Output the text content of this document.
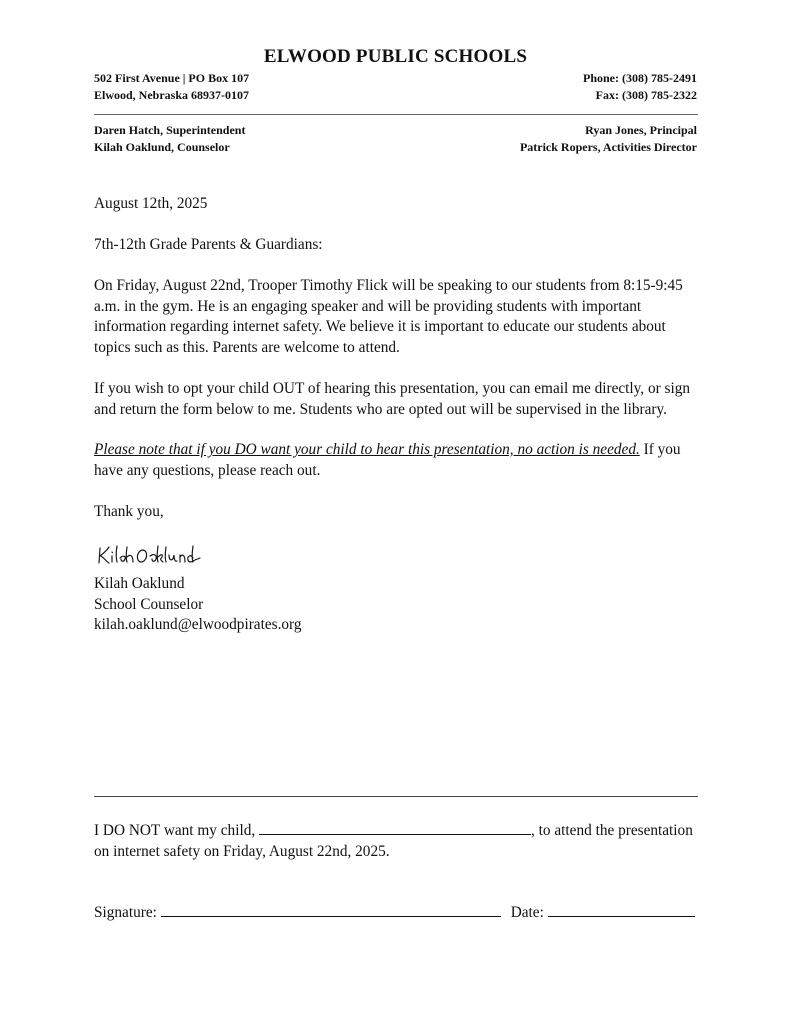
ELWOOD PUBLIC SCHOOLS
502 First Avenue | PO Box 107
Elwood, Nebraska 68937-0107
Phone: (308) 785-2491
Fax: (308) 785-2322
Daren Hatch, Superintendent
Kilah Oaklund, Counselor
Ryan Jones, Principal
Patrick Ropers, Activities Director
August 12th, 2025
7th-12th Grade Parents & Guardians:
On Friday, August 22nd, Trooper Timothy Flick will be speaking to our students from 8:15-9:45 a.m. in the gym. He is an engaging speaker and will be providing students with important information regarding internet safety. We believe it is important to educate our students about topics such as this. Parents are welcome to attend.
If you wish to opt your child OUT of hearing this presentation, you can email me directly, or sign and return the form below to me. Students who are opted out will be supervised in the library.
Please note that if you DO want your child to hear this presentation, no action is needed. If you have any questions, please reach out.
Thank you,
Kilah Oaklund
School Counselor
kilah.oaklund@elwoodpirates.org
I DO NOT want my child,	, to attend the presentation
on internet safety on Friday, August 22nd, 2025.
Signature:	Date:
